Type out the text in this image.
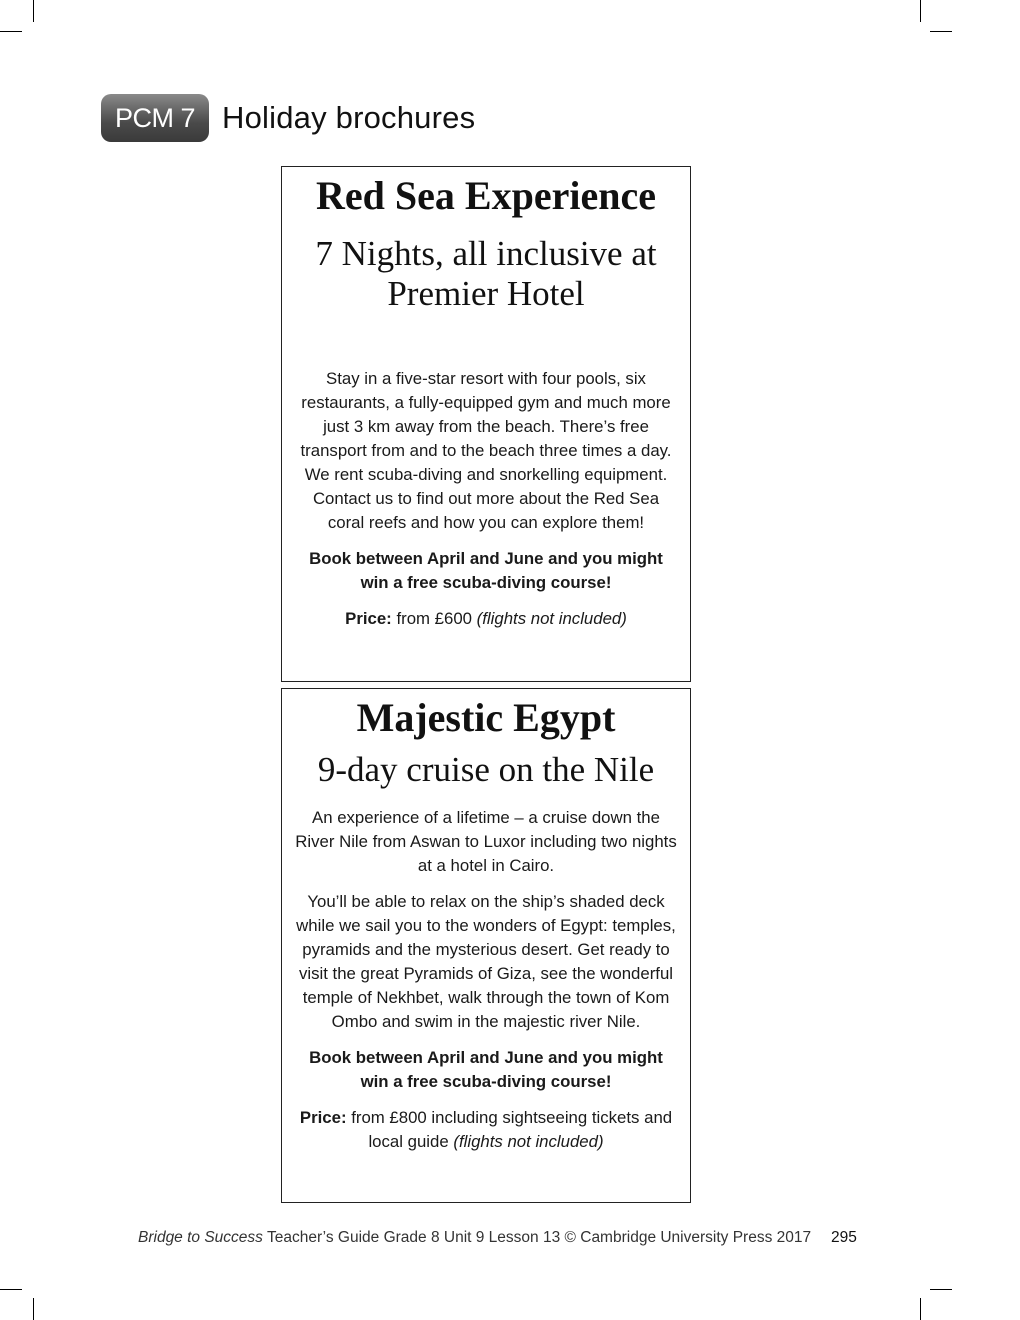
PCM 7 Holiday brochures
Red Sea Experience
7 Nights, all inclusive at
Premier Hotel

Stay in a five-star resort with four pools, six restaurants, a fully-equipped gym and much more just 3 km away from the beach. There’s free transport from and to the beach three times a day. We rent scuba-diving and snorkelling equipment. Contact us to find out more about the Red Sea coral reefs and how you can explore them!

Book between April and June and you might win a free scuba-diving course!

Price: from £600 (flights not included)

Majestic Egypt
9-day cruise on the Nile

An experience of a lifetime – a cruise down the River Nile from Aswan to Luxor including two nights at a hotel in Cairo.

You’ll be able to relax on the ship’s shaded deck while we sail you to the wonders of Egypt: temples, pyramids and the mysterious desert. Get ready to visit the great Pyramids of Giza, see the wonderful temple of Nekhbet, walk through the town of Kom Ombo and swim in the majestic river Nile.

Book between April and June and you might win a free scuba-diving course!

Price: from £800 including sightseeing tickets and local guide (flights not included)

Bridge to Success Teacher’s Guide Grade 8 Unit 9 Lesson 13 © Cambridge University Press 2017 295
